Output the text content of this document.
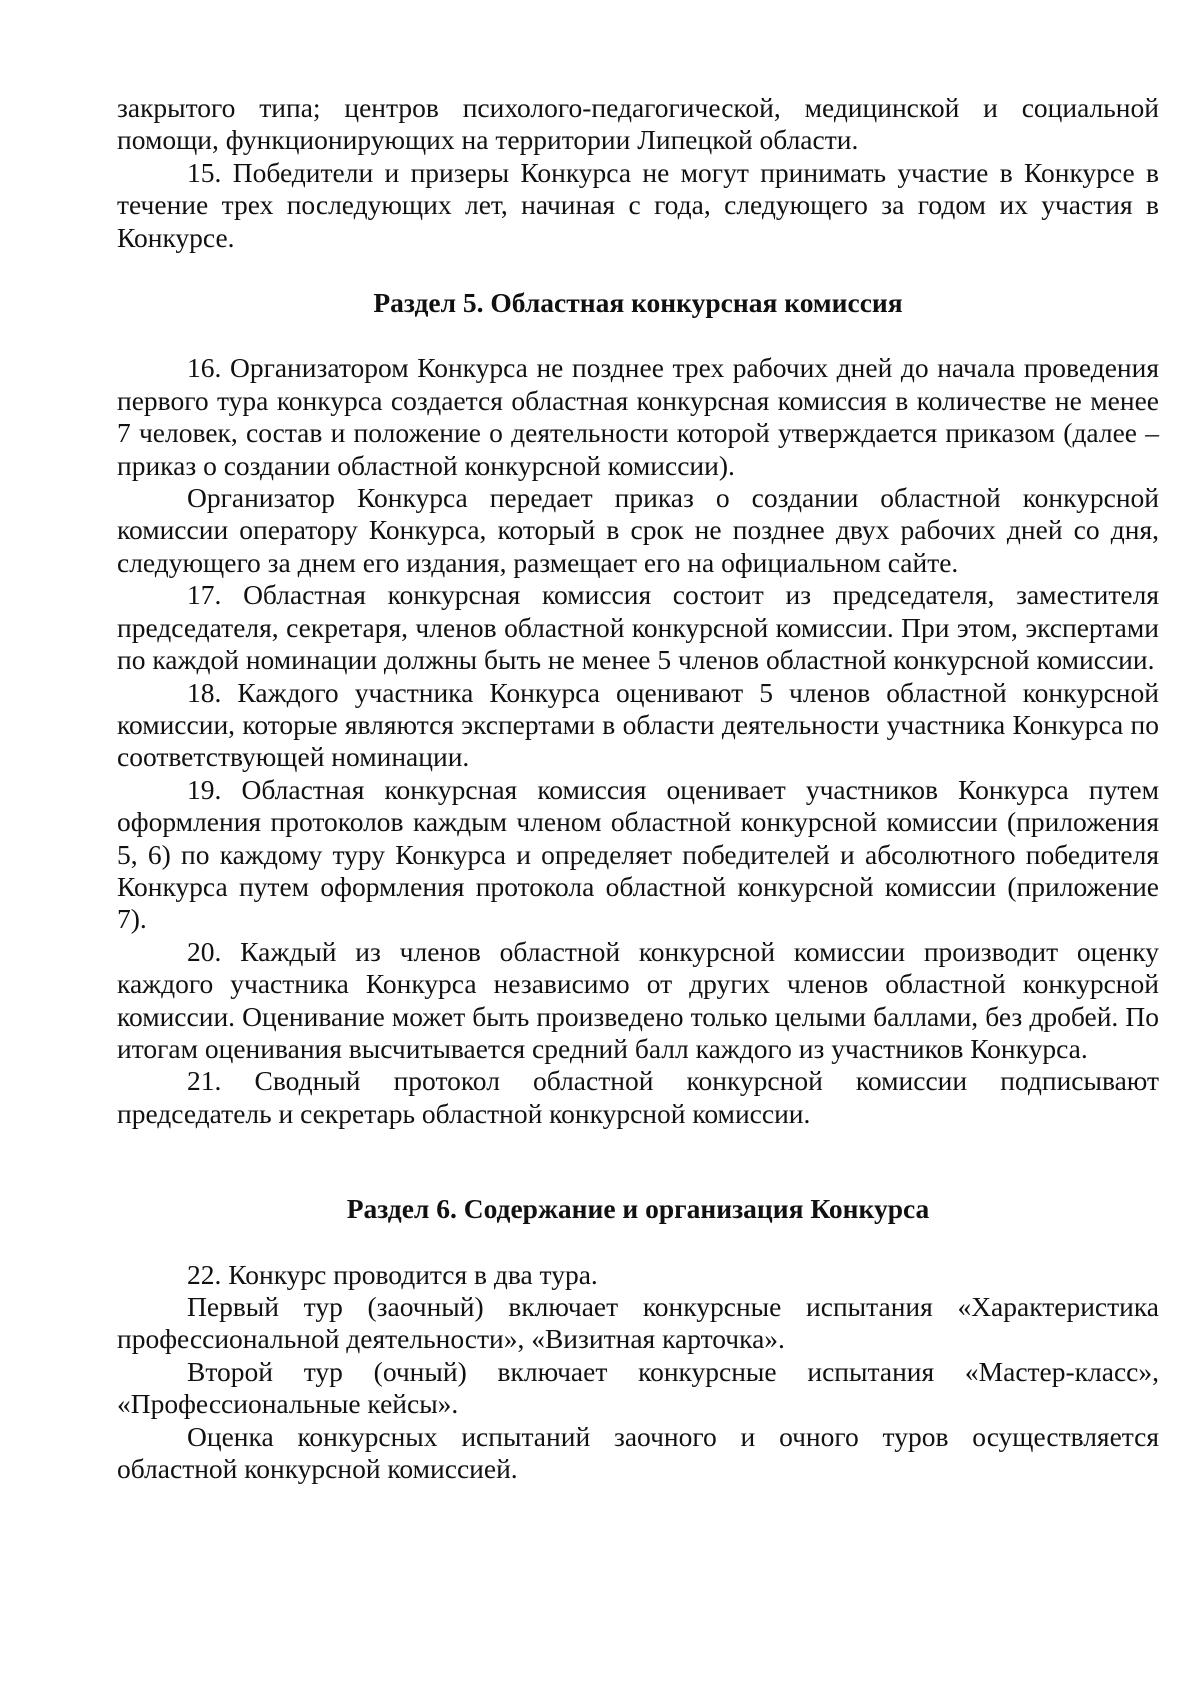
закрытого типа; центров психолого-педагогической, медицинской и социальной помощи, функционирующих на территории Липецкой области.

15. Победители и призеры Конкурса не могут принимать участие в Конкурсе в течение трех последующих лет, начиная с года, следующего за годом их участия в Конкурсе.

Раздел 5. Областная конкурсная комиссия

16. Организатором Конкурса не позднее трех рабочих дней до начала проведения первого тура конкурса создается областная конкурсная комиссия в количестве не менее 7 человек, состав и положение о деятельности которой утверждается приказом (далее – приказ о создании областной конкурсной комиссии).

Организатор Конкурса передает приказ о создании областной конкурсной комиссии оператору Конкурса, который в срок не позднее двух рабочих дней со дня, следующего за днем его издания, размещает его на официальном сайте.

17. Областная конкурсная комиссия состоит из председателя, заместителя председателя, секретаря, членов областной конкурсной комиссии. При этом, экспертами по каждой номинации должны быть не менее 5 членов областной конкурсной комиссии.

18. Каждого участника Конкурса оценивают 5 членов областной конкурсной комиссии, которые являются экспертами в области деятельности участника Конкурса по соответствующей номинации.

19. Областная конкурсная комиссия оценивает участников Конкурса путем оформления протоколов каждым членом областной конкурсной комиссии (приложения 5, 6) по каждому туру Конкурса и определяет победителей и абсолютного победителя Конкурса путем оформления протокола областной конкурсной комиссии (приложение 7).

20. Каждый из членов областной конкурсной комиссии производит оценку каждого участника Конкурса независимо от других членов областной конкурсной комиссии. Оценивание может быть произведено только целыми баллами, без дробей. По итогам оценивания высчитывается средний балл каждого из участников Конкурса.

21. Сводный протокол областной конкурсной комиссии подписывают председатель и секретарь областной конкурсной комиссии.

Раздел 6. Содержание и организация Конкурса

22. Конкурс проводится в два тура.

Первый тур (заочный) включает конкурсные испытания «Характеристика профессиональной деятельности», «Визитная карточка».

Второй тур (очный) включает конкурсные испытания «Мастер-класс», «Профессиональные кейсы».

Оценка конкурсных испытаний заочного и очного туров осуществляется областной конкурсной комиссией.
